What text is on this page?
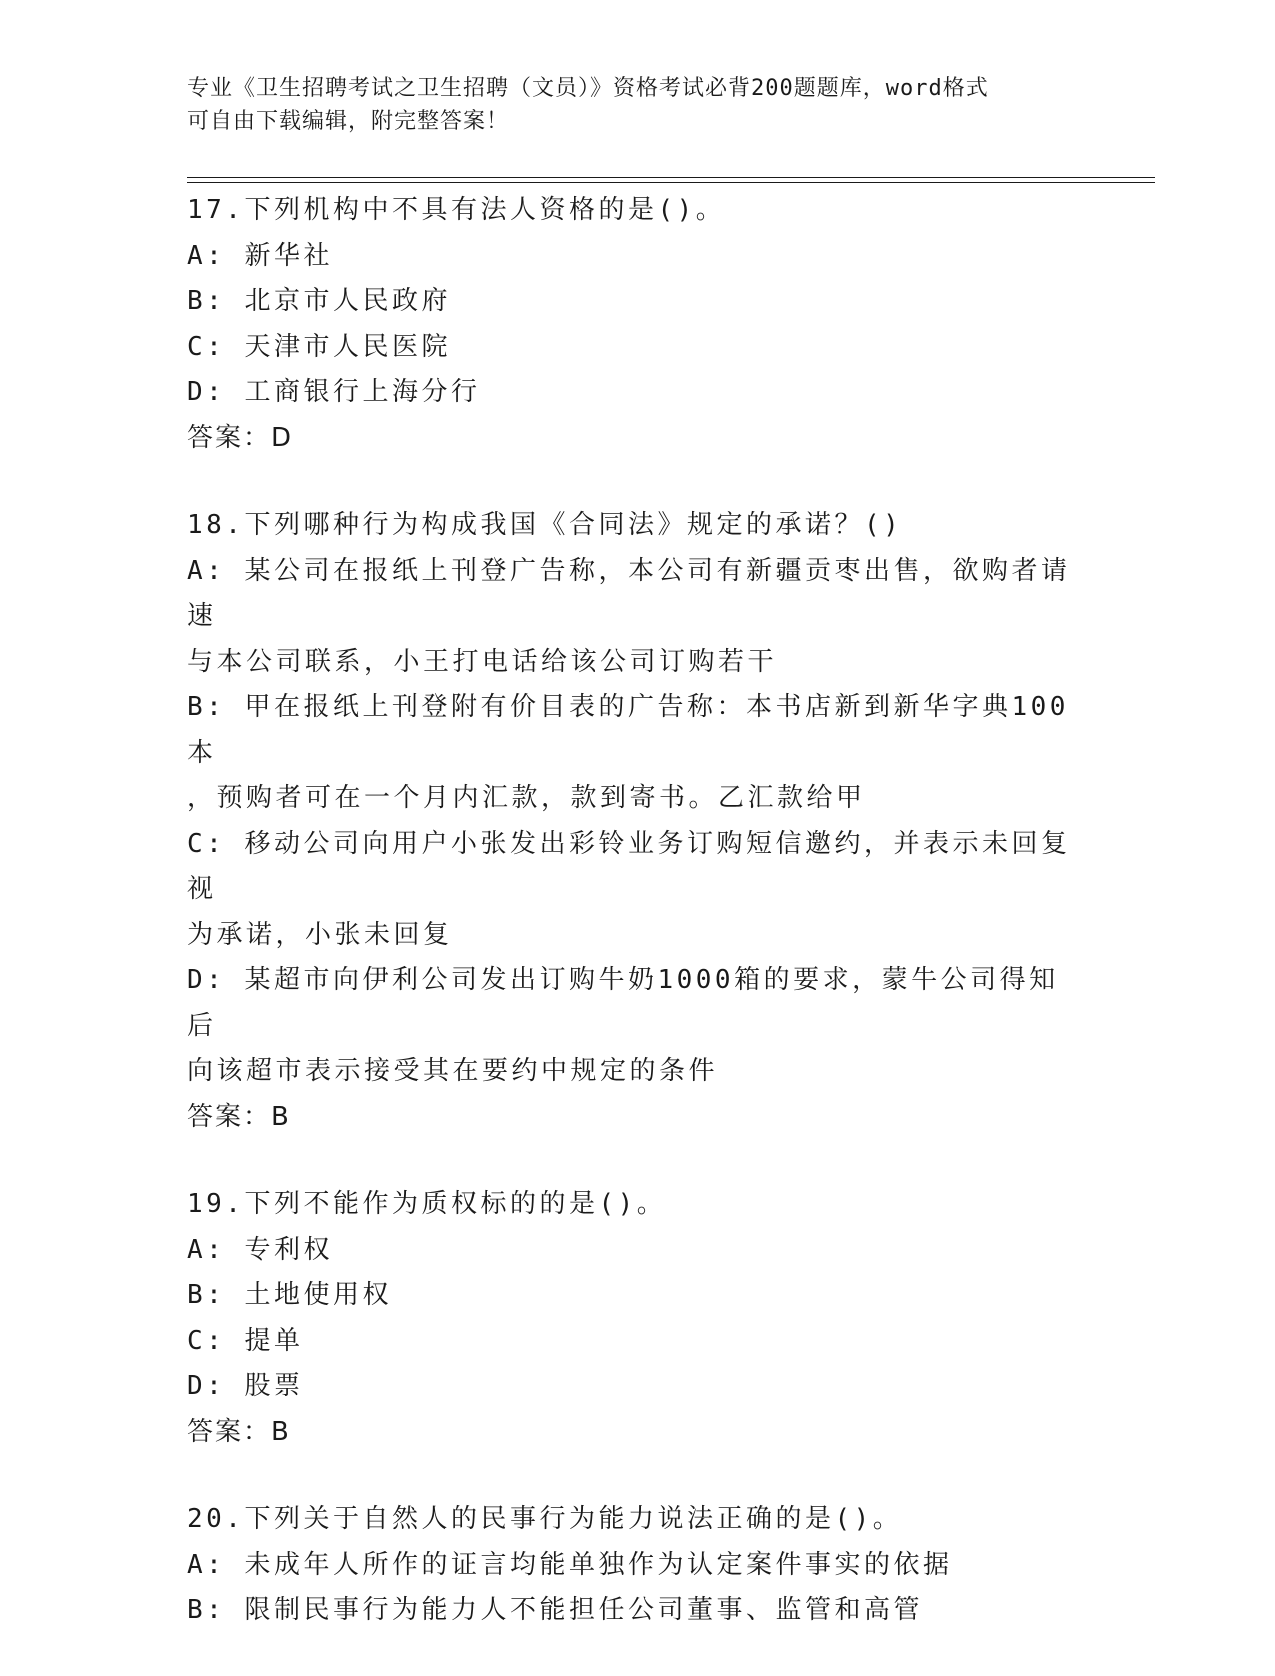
专业《卫生招聘考试之卫生招聘（文员）》资格考试必背200题题库，word格式
可自由下载编辑，附完整答案！
17.下列机构中不具有法人资格的是()。
A: 新华社
B: 北京市人民政府
C: 天津市人民医院
D: 工商银行上海分行
答案：D
18.下列哪种行为构成我国《合同法》规定的承诺？()
A: 某公司在报纸上刊登广告称，本公司有新疆贡枣出售，欲购者请速
与本公司联系，小王打电话给该公司订购若干
B: 甲在报纸上刊登附有价目表的广告称：本书店新到新华字典100本
，预购者可在一个月内汇款，款到寄书。乙汇款给甲
C: 移动公司向用户小张发出彩铃业务订购短信邀约，并表示未回复视
为承诺，小张未回复
D: 某超市向伊利公司发出订购牛奶1000箱的要求，蒙牛公司得知后
向该超市表示接受其在要约中规定的条件
答案：B
19.下列不能作为质权标的的是()。
A: 专利权
B: 土地使用权
C: 提单
D: 股票
答案：B
20.下列关于自然人的民事行为能力说法正确的是()。
A: 未成年人所作的证言均能单独作为认定案件事实的依据
B: 限制民事行为能力人不能担任公司董事、监管和高管
